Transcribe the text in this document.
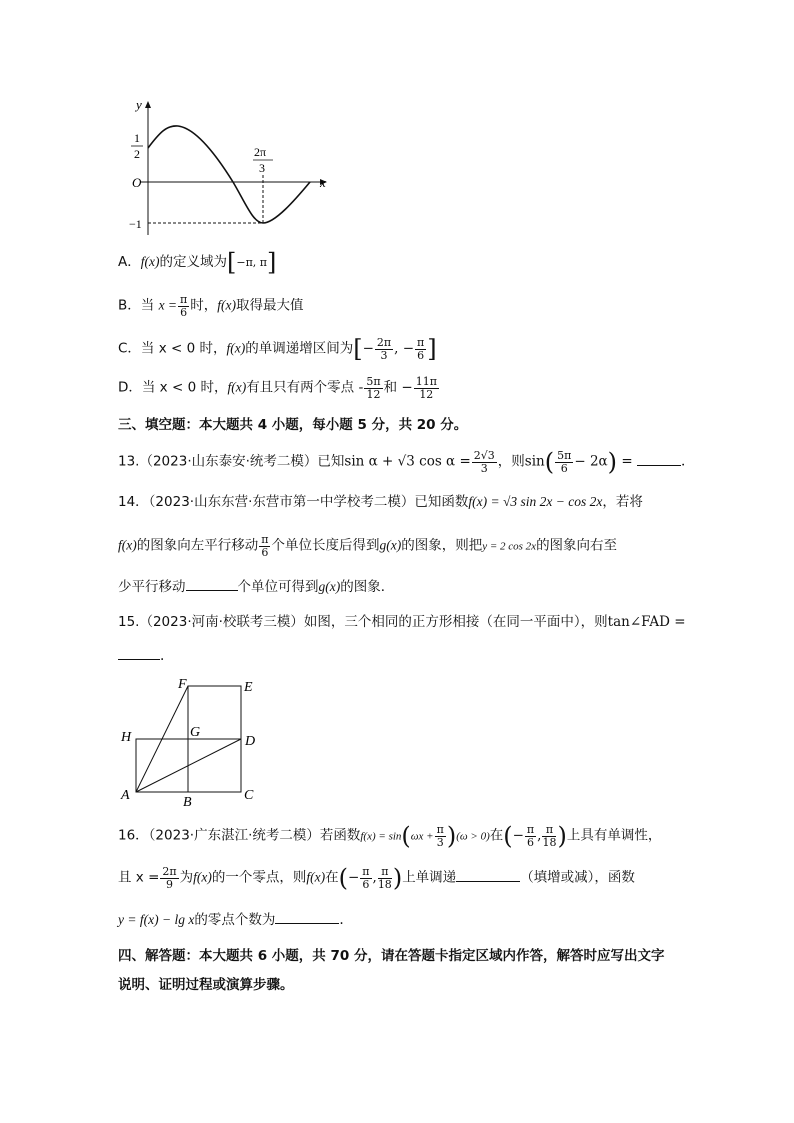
y
x
O
1
2	2π
3
−1
A．f(x)的定义域为[−π, π]
B．当 $x = \frac{\pi}{6}$ 时，f(x)取得最大值
C．当 x < 0 时，f(x)的单调递增区间为[− $\frac{2\pi}{3}$ , − $\frac{\pi}{6}$ ]
D．当 x < 0 时，f(x)有且只有两个零点 - $\frac{5\pi}{12}$ 和 − $\frac{11\pi}{12}$
三、填空题：本大题共 4 小题，每小题 5 分，共 20 分。
13.（2023·山东泰安·统考二模）已知sin α + √3 $\cos \alpha = \frac{2√3}{3}$ ，则$\sin( \frac{5\pi}{6} - 2\alpha)$ =	.
14．（2023·山东东营·东营市第一中学校考二模）已知函数f(x) = √3 sin 2x − cos 2x，若将
f(x)的图象向左平行移动 $\frac{\pi}{6}$ 个单位长度后得到g(x)的图象，则把y = 2 cos 2x的图象向右至
少平行移动	个单位可得到g(x)的图象．
15.（2023·河南·校联考三模）如图，三个相同的正方形相接（在同一平面中），则tan∠FAD =
.
F	E
H	G
D
A	B	C
16．（2023·广东湛江·统考二模）若函数$f(x) = \sin(\omega x + \frac{\pi}{3} )(\omega > 0)$在(− $\frac{\pi}{6}$ , $\frac{\pi}{18}$ )上具有单调性，
且 $x = \frac{2\pi}{9}$ 为f(x)的一个零点，则f(x)在(− $\frac{\pi}{6}$ , $\frac{\pi}{18}$ )上单调递	（填增或减），函数
y = f(x) − lg x的零点个数为	.
四、解答题：本大题共 6 小题，共 70 分，请在答题卡指定区域内作答，解答时应写出文字
说明、证明过程或演算步骤。
